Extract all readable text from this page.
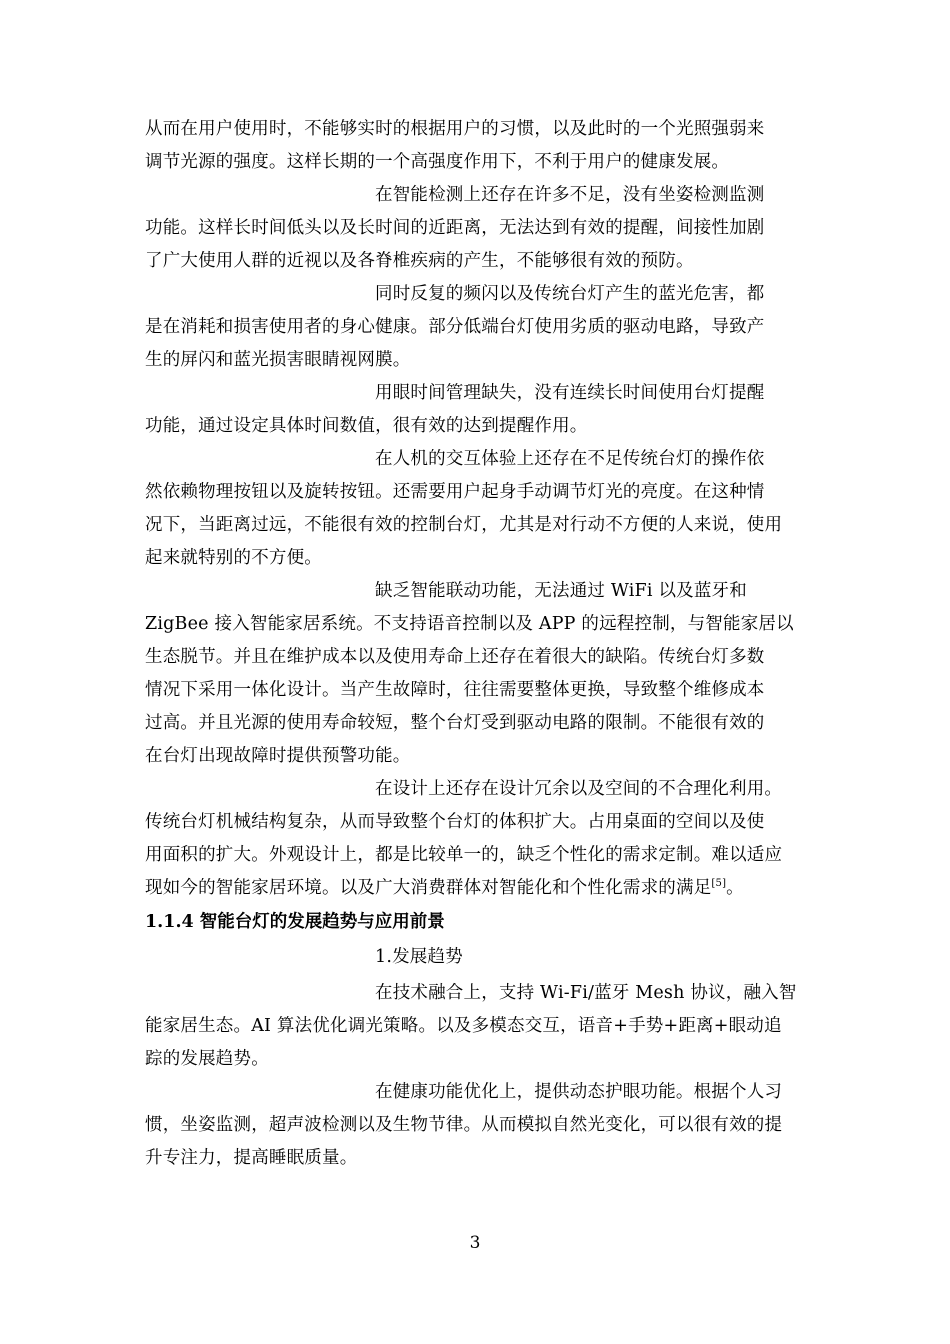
从而在用户使用时，不能够实时的根据用户的习惯，以及此时的一个光照强弱来
调节光源的强度。这样长期的一个高强度作用下，不利于用户的健康发展。
在智能检测上还存在许多不足，没有坐姿检测监测
功能。这样长时间低头以及长时间的近距离，无法达到有效的提醒，间接性加剧
了广大使用人群的近视以及各脊椎疾病的产生，不能够很有效的预防。
同时反复的频闪以及传统台灯产生的蓝光危害，都
是在消耗和损害使用者的身心健康。部分低端台灯使用劣质的驱动电路，导致产
生的屏闪和蓝光损害眼睛视网膜。
用眼时间管理缺失，没有连续长时间使用台灯提醒
功能，通过设定具体时间数值，很有效的达到提醒作用。
在人机的交互体验上还存在不足传统台灯的操作依
然依赖物理按钮以及旋转按钮。还需要用户起身手动调节灯光的亮度。在这种情
况下，当距离过远，不能很有效的控制台灯，尤其是对行动不方便的人来说，使用
起来就特别的不方便。
缺乏智能联动功能，无法通过 WiFi 以及蓝牙和
ZigBee 接入智能家居系统。不支持语音控制以及 APP 的远程控制，与智能家居以
生态脱节。并且在维护成本以及使用寿命上还存在着很大的缺陷。传统台灯多数
情况下采用一体化设计。当产生故障时，往往需要整体更换，导致整个维修成本
过高。并且光源的使用寿命较短，整个台灯受到驱动电路的限制。不能很有效的
在台灯出现故障时提供预警功能。
在设计上还存在设计冗余以及空间的不合理化利用。
传统台灯机械结构复杂，从而导致整个台灯的体积扩大。占用桌面的空间以及使
用面积的扩大。外观设计上，都是比较单一的，缺乏个性化的需求定制。难以适应
现如今的智能家居环境。以及广大消费群体对智能化和个性化需求的满足[5]。
1.1.4 智能台灯的发展趋势与应用前景
1.发展趋势
在技术融合上，支持 Wi-Fi/蓝牙 Mesh 协议，融入智
能家居生态。AI 算法优化调光策略。以及多模态交互，语音+手势+距离+眼动追
踪的发展趋势。
在健康功能优化上，提供动态护眼功能。根据个人习
惯，坐姿监测，超声波检测以及生物节律。从而模拟自然光变化，可以很有效的提
升专注力，提高睡眠质量。
3
